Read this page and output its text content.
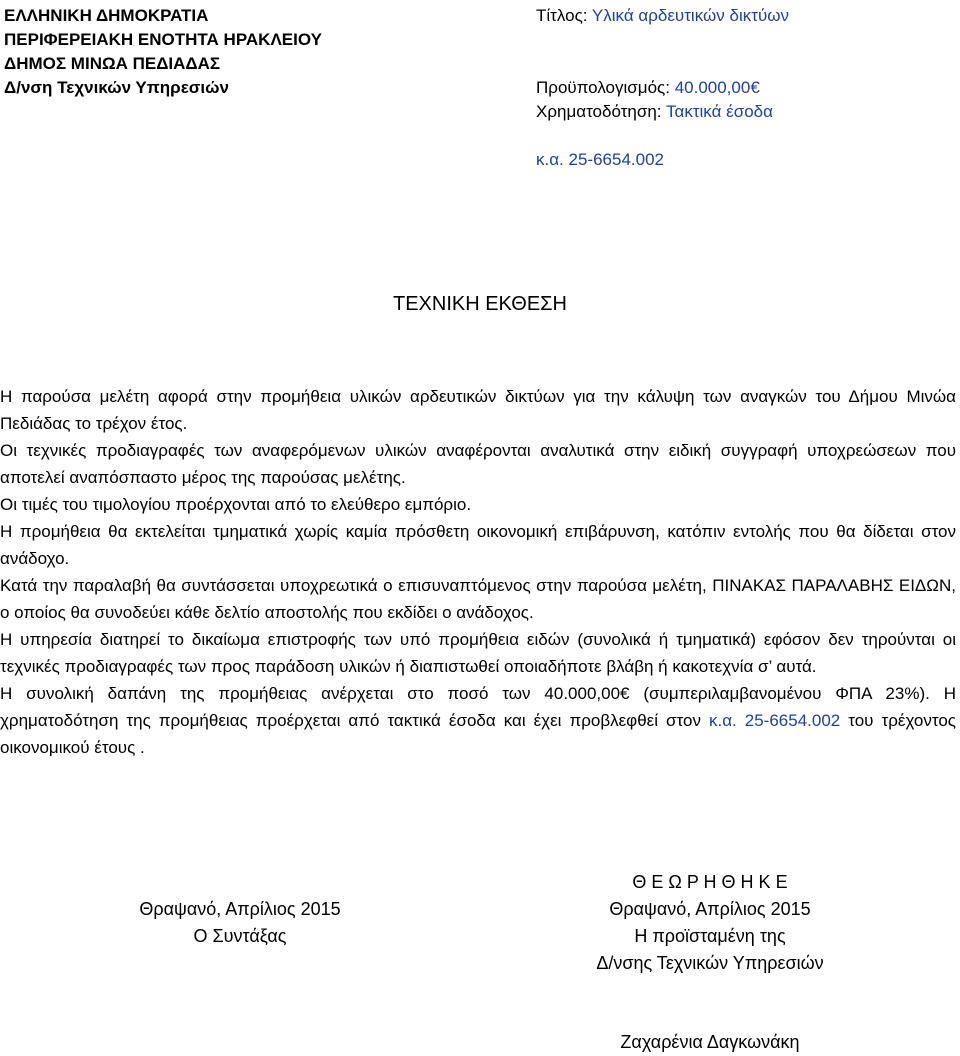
ΕΛΛΗΝΙΚΗ ΔΗΜΟΚΡΑΤΙΑ
ΠΕΡΙΦΕΡΕΙΑΚΗ ΕΝΟΤΗΤΑ ΗΡΑΚΛΕΙΟΥ
ΔΗΜΟΣ ΜΙΝΩΑ ΠΕΔΙΑΔΑΣ
Δ/νση Τεχνικών Υπηρεσιών
Τίτλος: Υλικά αρδευτικών δικτύων
Προϋπολογισμός: 40.000,00€
Χρηματοδότηση: Τακτικά έσοδα
κ.α. 25-6654.002
ΤΕΧΝΙΚΗ ΕΚΘΕΣΗ

Η παρούσα μελέτη αφορά στην προμήθεια υλικών αρδευτικών δικτύων για την κάλυψη των αναγκών του Δήμου Μινώα Πεδιάδας το τρέχον έτος.

Οι τεχνικές προδιαγραφές των αναφερόμενων υλικών αναφέρονται αναλυτικά στην ειδική συγγραφή υποχρεώσεων που αποτελεί αναπόσπαστο μέρος της παρούσας μελέτης.

Οι τιμές του τιμολογίου προέρχονται από το ελεύθερο εμπόριο.

Η προμήθεια θα εκτελείται τμηματικά χωρίς καμία πρόσθετη οικονομική επιβάρυνση, κατόπιν εντολής που θα δίδεται στον ανάδοχο.

Κατά την παραλαβή θα συντάσσεται υποχρεωτικά ο επισυναπτόμενος στην παρούσα μελέτη, ΠΙΝΑΚΑΣ ΠΑΡΑΛΑΒΗΣ ΕΙΔΩΝ, ο οποίος θα συνοδεύει κάθε δελτίο αποστολής που εκδίδει ο ανάδοχος.

Η υπηρεσία διατηρεί το δικαίωμα επιστροφής των υπό προμήθεια ειδών (συνολικά ή τμηματικά) εφόσον δεν τηρούνται οι τεχνικές προδιαγραφές των προς παράδοση υλικών ή διαπιστωθεί οποιαδήποτε βλάβη ή κακοτεχνία σ’ αυτά.

Η συνολική δαπάνη της προμήθειας ανέρχεται στο ποσό των 40.000,00€ (συμπεριλαμβανομένου ΦΠΑ 23%). Η χρηματοδότηση της προμήθειας προέρχεται από τακτικά έσοδα και έχει προβλεφθεί στον κ.α. 25-6654.002 του τρέχοντος οικονομικού έτους .

Θραψανό, Απρίλιος 2015
Ο Συντάξας
Θ Ε Ω Ρ Η Θ Η Κ Ε
Θραψανό, Απρίλιος 2015
Η προϊσταμένη της
Δ/νσης Τεχνικών Υπηρεσιών
Ζαχαρένια Δαγκωνάκη
